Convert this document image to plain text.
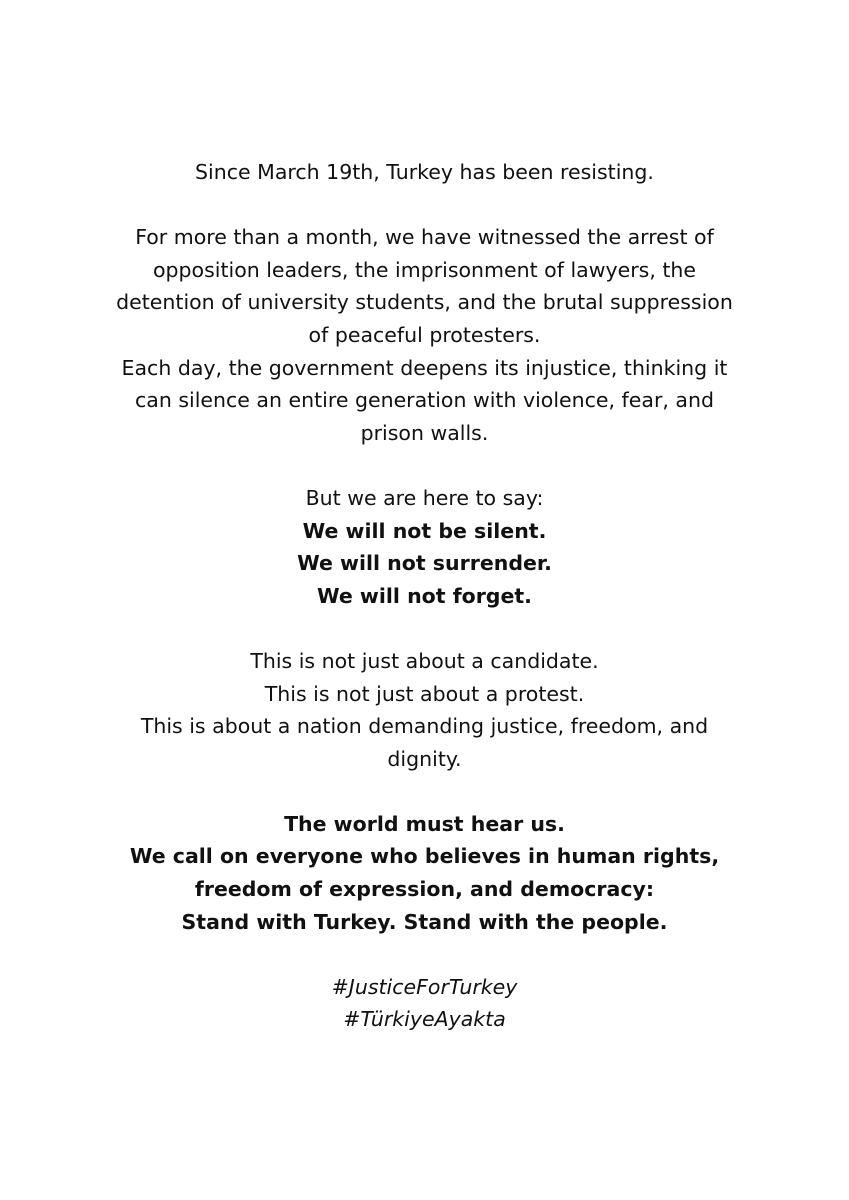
Since March 19th, Turkey has been resisting.
For more than a month, we have witnessed the arrest of
opposition leaders, the imprisonment of lawyers, the
detention of university students, and the brutal suppression
of peaceful protesters.
Each day, the government deepens its injustice, thinking it
can silence an entire generation with violence, fear, and
prison walls.
But we are here to say:
We will not be silent.
We will not surrender.
We will not forget.
This is not just about a candidate.
This is not just about a protest.
This is about a nation demanding justice, freedom, and
dignity.
The world must hear us.
We call on everyone who believes in human rights,
freedom of expression, and democracy:
Stand with Turkey. Stand with the people.
#JusticeForTurkey
#TürkiyeAyakta
